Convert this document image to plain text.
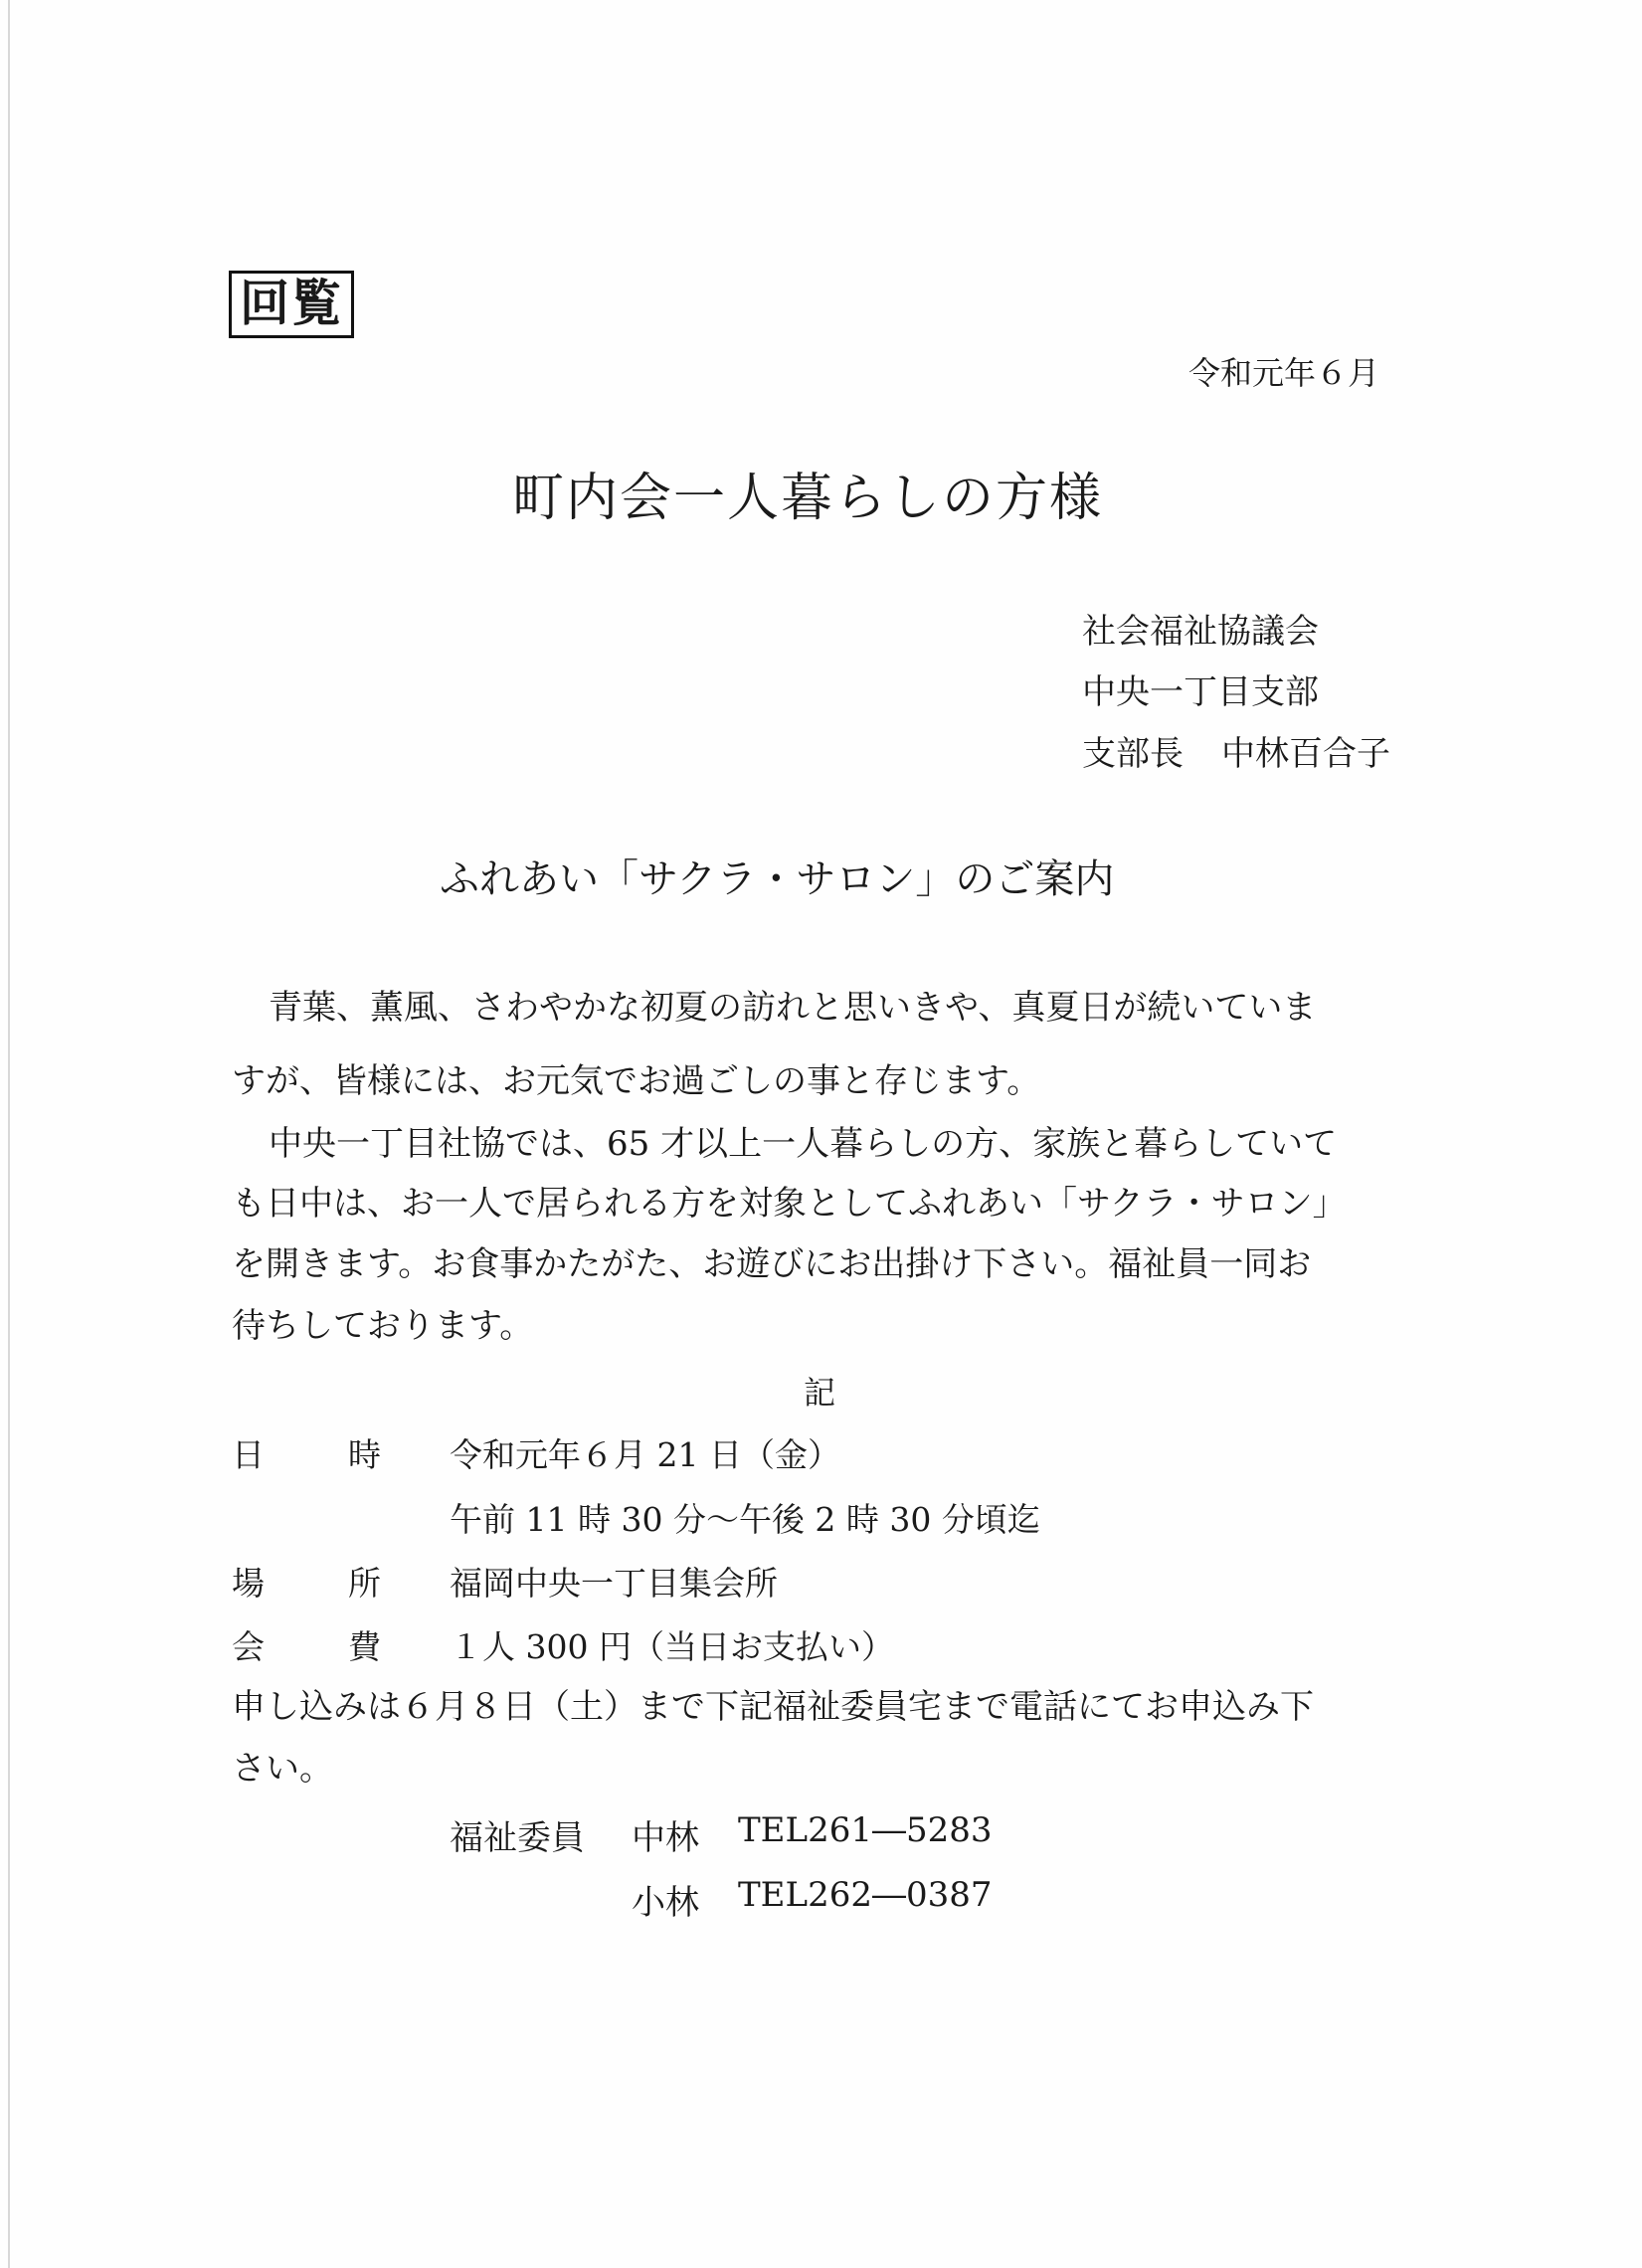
回覧
令和元年６月
町内会一人暮らしの方様
社会福祉協議会
中央一丁目支部
支部長 中林百合子
ふれあい「サクラ・サロン」のご案内
青葉、薫風、さわやかな初夏の訪れと思いきや、真夏日が続いていま
すが、皆様には、お元気でお過ごしの事と存じます。
中央一丁目社協では、65 才以上一人暮らしの方、家族と暮らしていて
も日中は、お一人で居られる方を対象としてふれあい「サクラ・サロン」
を開きます。お食事かたがた、お遊びにお出掛け下さい。福祉員一同お
待ちしております。
記
日	時 令和元年６月 21 日（金）
午前 11 時 30 分～午後 2 時 30 分頃迄
場	所 福岡中央一丁目集会所
会	費 １人 300 円（当日お支払い）
申し込みは６月８日（土）まで下記福祉委員宅まで電話にてお申込み下
さい。
福祉委員 中林 TEL261―5283
小林 TEL262―0387
